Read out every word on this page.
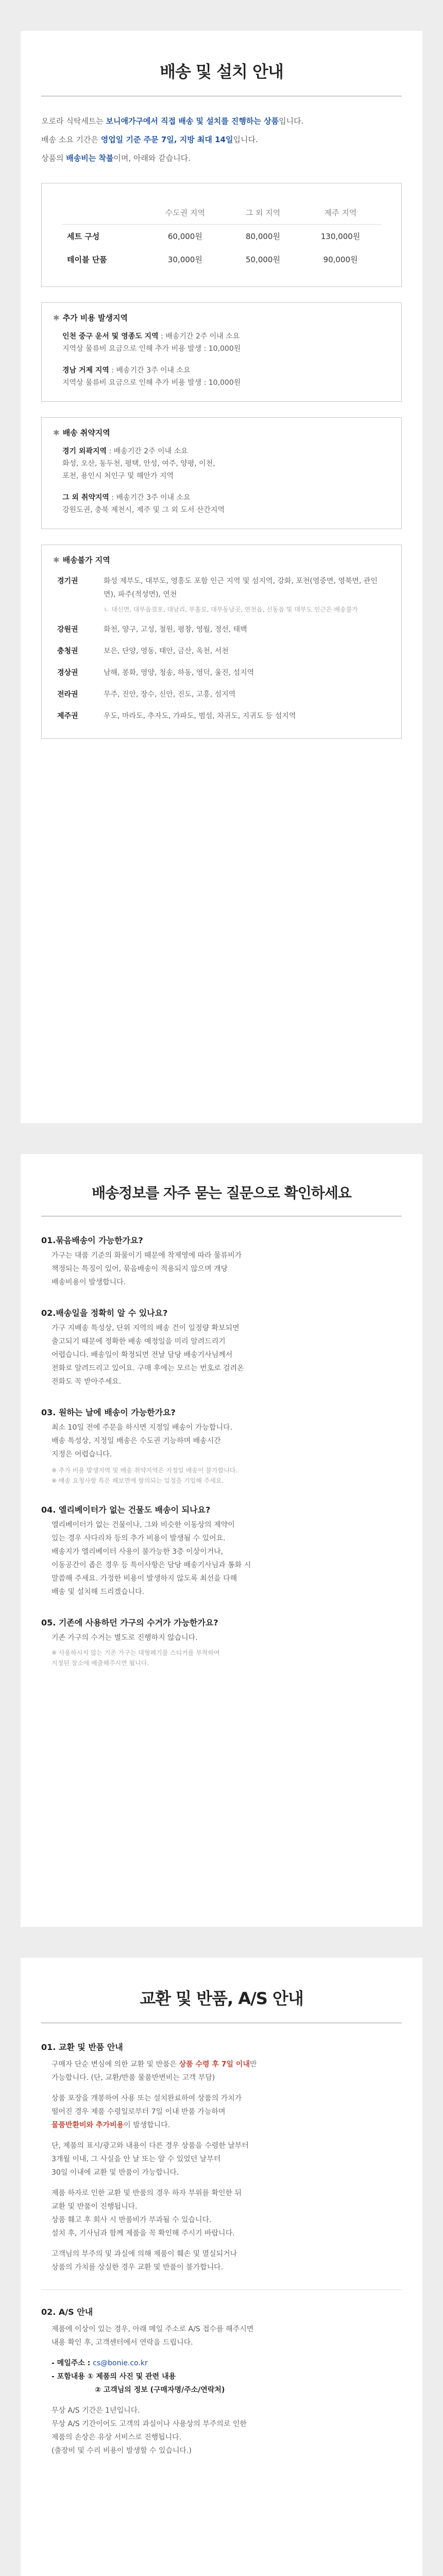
배송 및 설치 안내

오로라 식탁세트는 보니애가구에서 직접 배송 및 설치를 진행하는 상품입니다.

배송 소요 기간은 영업일 기준 주문 7일, 지방 최대 14일입니다.

상품의 배송비는 착불이며, 아래와 같습니다.

	수도권 지역	그 외 지역	제주 지역
세트 구성	60,000원	80,000원	130,000원
테이블 단품	30,000원	50,000원	90,000원
✱ 추가 비용 발생지역

인천 중구 운서 및 영종도 지역 : 배송기간 2주 이내 소요

지역상 물류비 요금으로 인해 추가 비용 발생 : 10,000원

경남 거제 지역 : 배송기간 3주 이내 소요

지역상 물류비 요금으로 인해 추가 비용 발생 : 10,000원

✱ 배송 취약지역

경기 외곽지역 : 배송기간 2주 이내 소요

화성, 오산, 동두천, 평택, 안성, 여주, 양평, 이천,

포천, 용인시 처인구 및 해안가 지역

그 외 취약지역 : 배송기간 3주 이내 소요

강원도권, 충북 제천시, 제주 및 그 외 도서 산간지역

✱ 배송불가 지역
경기권	화성 제부도, 대부도, 영흥도 포함 인근 지역 및 섬지역, 강화, 포천(영중면, 영북면, 관인면), 파주(적성면), 연천
ㄴ 대신면, 대부읍걸포, 대남리, 부홀로, 대부동남곳, 연천읍, 신동읍 및 대부도 인근은 배송불가
강원권	화천, 양구, 고성, 철원, 평창, 영월, 정선, 태백
충청권	보은, 단양, 영동, 태안, 금산, 옥천, 서천
경상권	남해, 봉화, 영양, 청송, 하동, 영덕, 울진, 섬지역
전라권	무주, 진안, 장수, 신안, 진도, 고흥, 섬지역
제주권	우도, 마라도, 추자도, 가파도, 범섬, 차귀도, 지귀도 등 섬지역
배송정보를 자주 묻는 질문으로 확인하세요
01.묶음배송이 가능한가요?

가구는 대품 기준의 화물이기 때문에 착제영에 따라 물류비가

책정되는 특징이 있어, 묶음배송이 적용되지 않으며 개당

배송비용이 발생합니다.

02.배송일을 정확히 알 수 있나요?

가구 지배송 특성상, 단위 지역의 배송 건이 일정량 확보되면

출고되기 때문에 정확한 배송 예정일을 미리 알려드리기

어렵습니다. 배송일이 확정되면 전날 담당 배송기사님께서

전화로 알려드리고 있어요. 구매 후에는 모르는 번호로 걸려온

전화도 꼭 받아주세요.

03. 원하는 날에 배송이 가능한가요?

최소 10일 전에 주문을 하시면 지정일 배송이 가능합니다.

배송 특성상, 지정일 배송은 수도권 기능하며 배송시간

지정은 어렵습니다.

※ 추가 비용 발생지역 및 배송 취약지역은 지정일 배송이 불가합니다.

※ 배송 요청사항 특은 해보면에 항의되는 일정을 기입해 주세요.

04. 엘리베이터가 없는 건물도 배송이 되나요?

엘리베이터가 없는 건물이나, 그와 비슷한 이동상의 제약이

있는 경우 사다리차 등의 추가 비용이 발생될 수 있어요.

배송지가 엘리베이터 사용이 불가능한 3층 이상이거나,

이동공간이 좁은 경우 등 특이사항은 담당 배송기사님과 통화 시

말씀해 주세요. 가정한 비용이 발생하지 않도록 최선을 다해

배송 및 설치해 드리겠습니다.

05. 기존에 사용하던 가구의 수거가 가능한가요?

기존 가구의 수거는 별도로 진행하지 않습니다.

※ 사용하시지 않는 기존 가구는 대형폐기물 스티커를 부착하여

지정된 장소에 배출해주시면 됩니다.

교환 및 반품, A/S 안내
01. 교환 및 반품 안내

구매자 단순 변심에 의한 교환 및 반품은 상품 수령 후 7일 이내만

가능합니다. (단, 교환/반품 물품반변비는 고객 부담)

상품 포장을 개봉하여 사용 또는 설치완료하여 상품의 가치가

떨어진 경우 제품 수령일로부터 7일 이내 반품 가능하며

물품반환비와 추가비용이 발생합니다.

단, 제품의 표시/광고와 내용이 다른 경우 상품을 수령한 날부터

3개월 이내, 그 사실을 안 날 또는 알 수 있었던 날부터

30일 이내에 교환 및 반품이 가능합니다.

제품 하자로 인한 교환 및 반품의 경우 하자 부위를 확인한 뒤

교환 및 반품이 진행됩니다.

상품 훼고 후 회사 시 반품비가 부과될 수 있습니다.

설치 후, 기사님과 함께 제품을 꼭 확인해 주시기 바랍니다.

고객님의 부주의 및 과실에 의해 제품이 훼손 및 멸실되거나

상품의 가치를 상실한 경우 교환 및 반품이 불가합니다.

02. A/S 안내

제품에 이상이 있는 경우, 아래 메일 주소로 A/S 접수를 해주시면

내용 확인 후, 고객센터에서 연락을 드립니다.

- 메일주소 : cs@bonie.co.kr

- 포함내용 ① 제품의 사진 및 관련 내용

② 고객님의 정보 (구매자명/주소/연락처)

무상 A/S 기간은 1년입니다.

무상 A/S 기간이어도 고객의 과실이나 사용상의 부주의로 인한

제품의 손상은 유상 서비스로 진행됩니다.

(출장비 및 수리 비용이 발생할 수 있습니다.)
